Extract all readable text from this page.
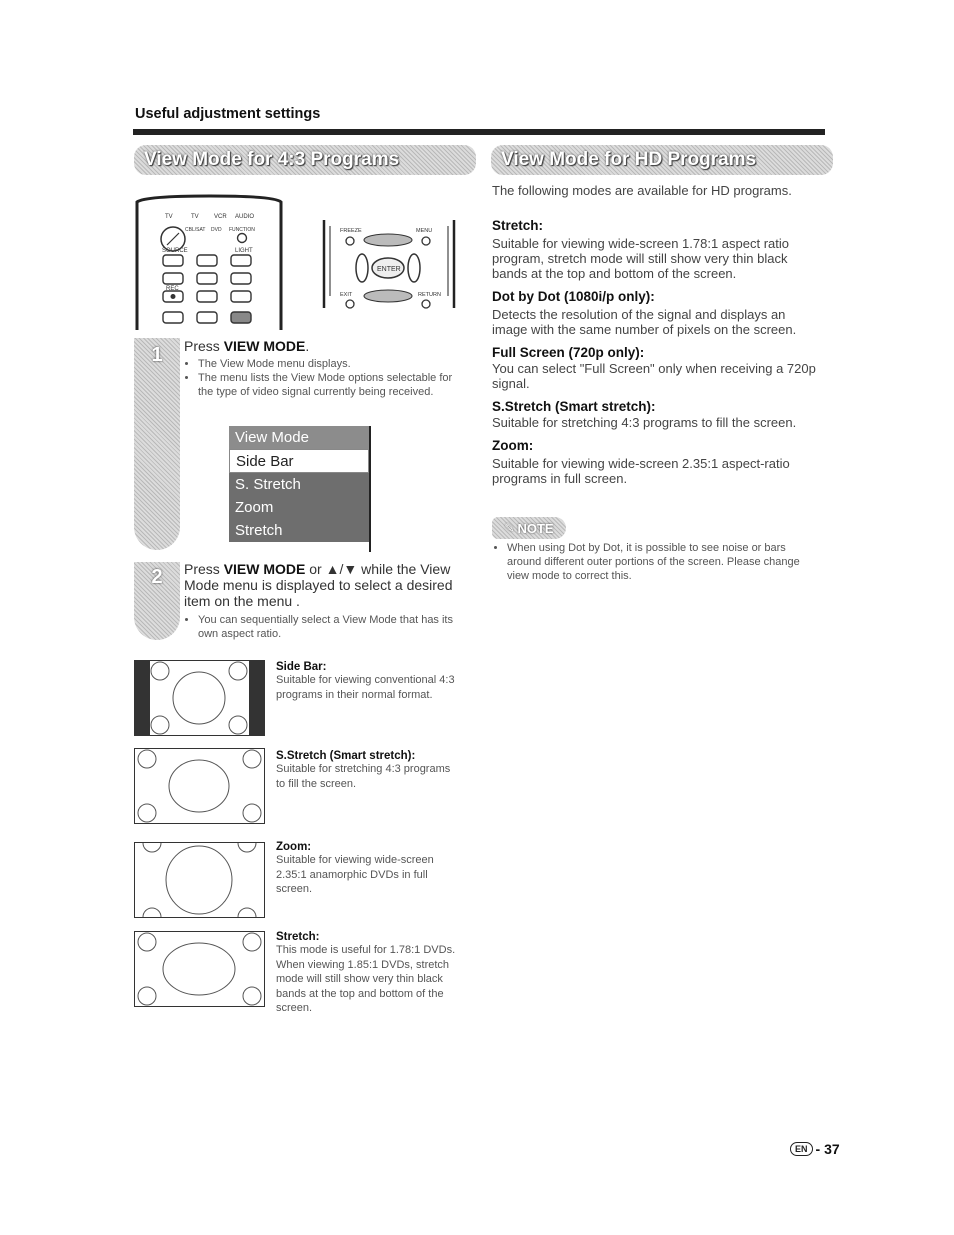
Useful adjustment settings
View Mode for 4:3 Programs
TV	TV	VCR AUDIO
CBL/SAT DVD FUNCTION
SOURCE	LIGHT
REC
FREEZE	MENU
ENTER
EXIT	RETURN
1	Press VIEW MODE.
• The View Mode menu displays.
• The menu lists the View Mode options selectable for the type of video signal currently being received.
View Mode
Side Bar
S. Stretch
Zoom
Stretch
2	Press VIEW MODE or ▲/▼ while the View Mode menu is displayed to select a desired item on the menu .
• You can sequentially select a View Mode that has its own aspect ratio.
Side Bar:
Suitable for viewing conventional 4:3 programs in their normal format.
S.Stretch (Smart stretch):
Suitable for stretching 4:3 programs to fill the screen.
Zoom:
Suitable for viewing wide-screen 2.35:1 anamorphic DVDs in full screen.
Stretch:
This mode is useful for 1.78:1 DVDs. When viewing 1.85:1 DVDs, stretch mode will still show very thin black bands at the top and bottom of the screen.
View Mode for HD Programs
The following modes are available for HD programs.
Stretch:
Suitable for viewing wide-screen 1.78:1 aspect ratio program, stretch mode will still show very thin black bands at the top and bottom of the screen.
Dot by Dot (1080i/p only):
Detects the resolution of the signal and displays an image with the same number of pixels on the screen.
Full Screen (720p only):
You can select "Full Screen" only when receiving a 720p signal.
S.Stretch (Smart stretch):
Suitable for stretching 4:3 programs to fill the screen.
Zoom:
Suitable for viewing wide-screen 2.35:1 aspect-ratio programs in full screen.
✎ NOTE
• When using Dot by Dot, it is possible to see noise or bars around different outer portions of the screen. Please change view mode to correct this.
EN - 37
